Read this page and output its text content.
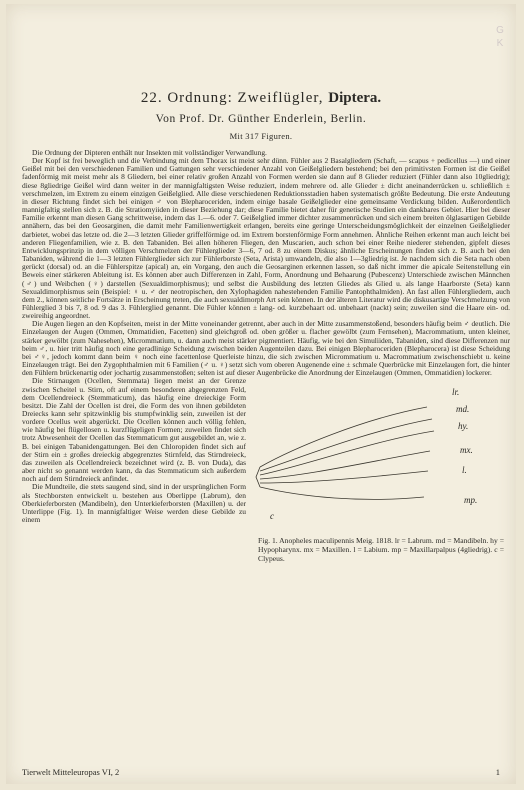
G K
22. Ordnung: Zweiflügler, Diptera.
Von Prof. Dr. Günther Enderlein, Berlin.
Mit 317 Figuren.

Die Ordnung der Dipteren enthält nur Insekten mit vollständiger Verwandlung.

Der Kopf ist frei beweglich und die Verbindung mit dem Thorax ist meist sehr dünn. Fühler aus 2 Basalgliedern (Schaft, — scapus + pedicellus —) und einer Geißel mit bei den verschiedenen Familien und Gattungen sehr verschiedener Anzahl von Geißelgliedern bestehend; bei den primitivsten Formen ist die Geißel fadenförmig mit meist mehr als 8 Gliedern, bei einer relativ großen Anzahl von Formen werden sie dann auf 8 Glieder reduziert (Fühler dann also 10gliedrig); diese 8gliedrige Geißel wird dann weiter in der mannigfaltigsten Weise reduziert, indem mehrere od. alle Glieder ± dicht aneinanderrücken u. schließlich ± verschmelzen, im Extrem zu einem einzigen Geißelglied. Alle diese verschiedenen Reduktionsstadien haben systematisch größte Bedeutung. Die erste Andeutung in dieser Richtung findet sich bei einigen ♂ von Blepharoceriden, indem einige basale Geißelglieder eine gemeinsame Verdickung bilden. Außerordentlich mannigfaltig stellen sich z. B. die Stratiomyiiden in dieser Beziehung dar; diese Familie bietet daher für genetische Studien ein dankbares Gebiet. Hier bei dieser Familie erkennt man diesen Gang schrittweise, indem das 1.—6. oder 7. Geißelglied immer dichter zusammenrücken und sich einem breiten ölglasartigen Gebilde annähern, das bei den Geosarginen, die damit mehr Familienwertigkeit erlangen, bereits eine geringe Unterscheidungsmöglichkeit der einzelnen Geißelglieder darbietet, wobei das letzte od. die 2—3 letzten Glieder griffelförmige od. im Extrem borstenförmige Form annehmen. Ähnliche Reihen erkennt man auch leicht bei anderen Fliegenfamilien, wie z. B. den Tabaniden. Bei allen höheren Fliegen, den Muscarien, auch schon bei einer Reihe niederer stehenden, gipfelt dieses Entwicklungsprinzip in dem völligen Verschmelzen der Fühlerglieder 3—6, 7 od. 8 zu einem Diskus; ähnliche Erscheinungen finden sich z. B. auch bei den Tabaniden, während die 1—3 letzten Fühlerglieder sich zur Fühlerborste (Seta, Arista) umwandeln, die also 1—3gliedrig ist. Je nachdem sich die Seta nach oben gerückt (dorsal) od. an die Fühlerspitze (apical) an, ein Vorgang, den auch die Geosarginen erkennen lassen, so daß nicht immer die apicale Seitenstellung ein Beweis einer stärkeren Ableitung ist. Es können aber auch Differenzen in Zahl, Form, Anordnung und Behaarung (Pubescenz) Unterschiede zwischen Männchen (♂) und Weibchen (♀) darstellen (Sexualdimorphismus); und selbst die Ausbildung des letzten Gliedes als Glied u. als lange Haarborste (Seta) kann Sexualdimorphismus sein (Beispiel: ♀ u. ♂ der neotropischen, den Xylophagiden nahestehenden Familie Pantophthalmiden). An fast allen Fühlergliedern, auch dem 2., können seitliche Fortsätze in Erscheinung treten, die auch sexualdimorph Art sein können. In der älteren Literatur wird die diskusartige Verschmelzung von Fühlerglied 3 bis 7, 8 od. 9 das 3. Fühlerglied genannt. Die Fühler können ± lang- od. kurzbehaart od. unbehaart (nackt) sein; zuweilen sind die Haare ein- od. zweireihig angeordnet.

Die Augen liegen an den Kopfseiten, meist in der Mitte voneinander getrennt, aber auch in der Mitte zusammenstoßend, besonders häufig beim ♂ deutlich. Die Einzelaugen der Augen (Ommen, Ommatidien, Facetten) sind gleichgroß od. oben größer u. flacher gewölbt (zum Fernsehen), Macrommatium, unten kleiner, stärker gewölbt (zum Nahesehen), Micrommatium, u. dann auch meist stärker pigmentiert. Häufig, wie bei den Simuliiden, Tabaniden, sind diese Differenzen nur beim ♂, u. hier tritt häufig noch eine geradlinige Scheidung zwischen beiden Augenteilen dazu. Bei einigen Blepharoceriden (Blepharocera) ist diese Scheidung bei ♂♀, jedoch kommt dann beim ♀ noch eine facettenlose Querleiste hinzu, die sich zwischen Micrommatium u. Macrommatium zwischenschiebt u. keine Einzelaugen trägt. Bei den Zygophthalmien mit 6 Familien (♂ u. ♀) setzt sich vom oberen Augenende eine ± schmale Querbrücke mit Einzelaugen fort, die hinter den Fühlern brückenartig oder jochartig zusammenstoßen; selten ist auf dieser Augenbrücke die Anordnung der Einzelaugen (Ommen, Ommatidien) lockerer.

lr.
md.
hy.
mx.
l.
mp.
c
Fig. 1. Anopheles maculipennis Meig. 1818. lr = Labrum. md = Mandibeln. hy = Hypopharynx. mx = Maxillen. l = Labium. mp = Maxillarpalpus (4gliedrig). c = Clypeus.

Die Stirnaugen (Ocellen, Stemmata) liegen meist an der Grenze zwischen Scheitel u. Stirn, oft auf einem besonderen abgegrenzten Feld, dem Ocellendreieck (Stemmaticum), das häufig eine dreieckige Form besitzt. Die Zahl der Ocellen ist drei, die Form des von ihnen gebildeten Dreiecks kann sehr spitzwinklig bis stumpfwinklig sein, zuweilen ist der vordere Ocellus weit abgerückt. Die Ocellen können auch völlig fehlen, wie häufig bei flügellosen u. kurzflügeligen Formen; zuweilen findet sich trotz Abwesenheit der Ocellen das Stemmaticum gut ausgebildet an, wie z. B. bei einigen Tabanidengattungen. Bei den Chloropiden findet sich auf der Stirn ein ± großes dreieckig abgegrenztes Stirnfeld, das Stirndreieck, das zuweilen als Ocellendreieck bezeichnet wird (z. B. von Duda), das aber nicht so genannt werden kann, da das Stemmaticum sich außerdem noch auf dem Stirndreieck anfindet.

Die Mundteile, die stets saugend sind, sind in der ursprünglichen Form als Stechborsten entwickelt u. bestehen aus Oberlippe (Labrum), den Oberkieferborsten (Mandibeln), den Unterkieferborsten (Maxillen) u. der Unterlippe (Fig. 1). In mannigfaltiger Weise werden diese Gebilde zu einem

Tierwelt Mitteleuropas VI, 2	1
